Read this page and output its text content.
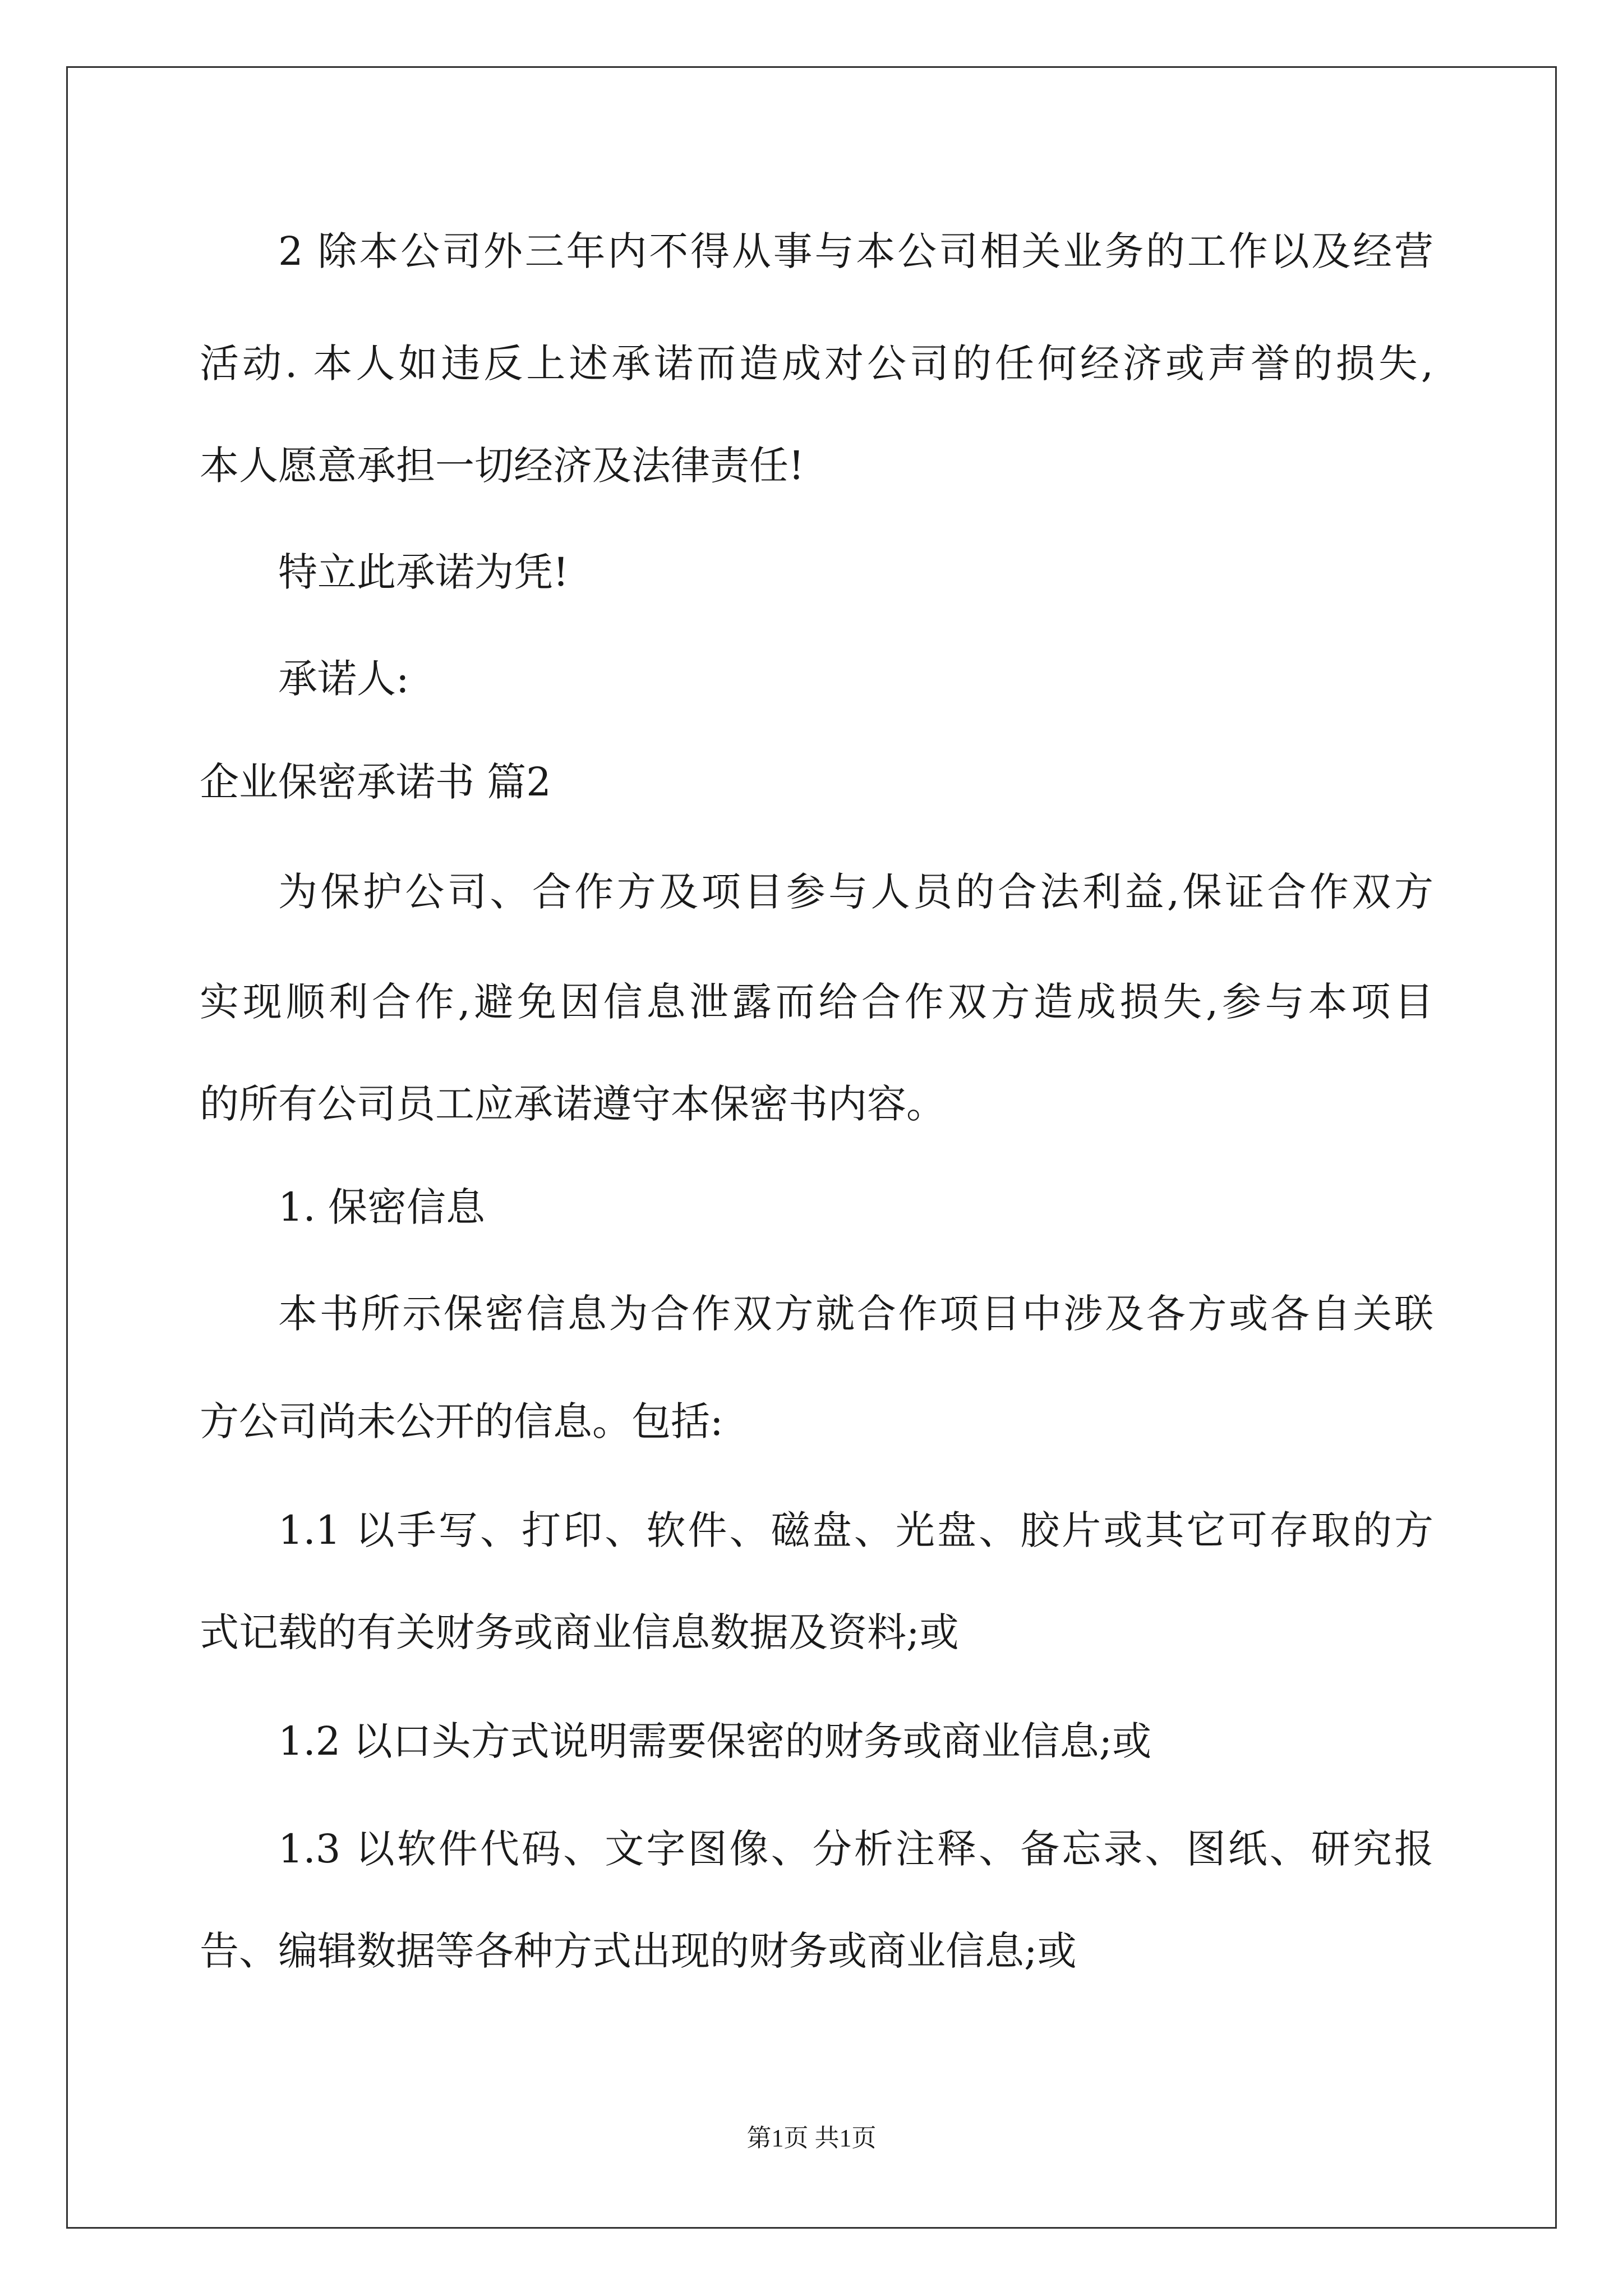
2 除本公司外三年内不得从事与本公司相关业务的工作以及经营
活动. 本人如违反上述承诺而造成对公司的任何经济或声誉的损失,
本人愿意承担一切经济及法律责任!
特立此承诺为凭!
承诺人:
企业保密承诺书 篇2
为保护公司、合作方及项目参与人员的合法利益,保证合作双方
实现顺利合作,避免因信息泄露而给合作双方造成损失,参与本项目
的所有公司员工应承诺遵守本保密书内容。
1. 保密信息
本书所示保密信息为合作双方就合作项目中涉及各方或各自关联
方公司尚未公开的信息。包括:
1.1 以手写、打印、软件、磁盘、光盘、胶片或其它可存取的方
式记载的有关财务或商业信息数据及资料;或
1.2 以口头方式说明需要保密的财务或商业信息;或
1.3 以软件代码、文字图像、分析注释、备忘录、图纸、研究报
告、编辑数据等各种方式出现的财务或商业信息;或
第1页 共1页
